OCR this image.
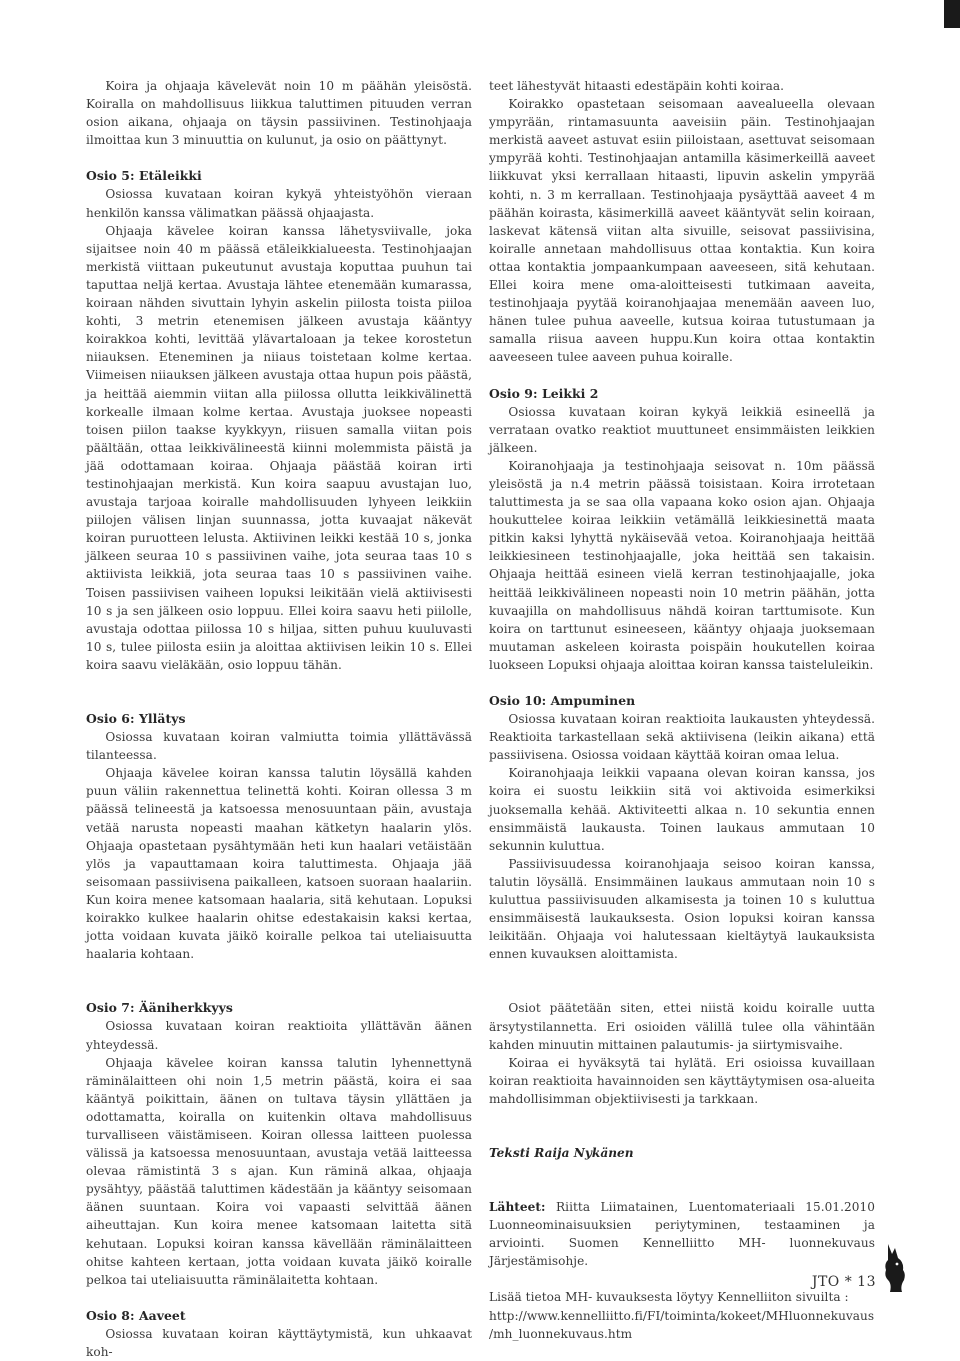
Koira ja ohjaaja kävelevät noin 10 m päähän yleisöstä. Koiralla on mahdollisuus liikkua taluttimen pituuden verran osion aikana, ohjaaja on täysin passiivinen. Testinohjaaja ilmoittaa kun 3 minuuttia on kulunut, ja osio on päättynyt.

Osio 5: Etäleikki

Osiossa kuvataan koiran kykyä yhteistyöhön vieraan henkilön kanssa välimatkan päässä ohjaajasta.

Ohjaaja kävelee koiran kanssa lähetysviivalle, joka sijaitsee noin 40 m päässä etäleikkialueesta. Testinohjaajan merkistä viittaan pukeutunut avustaja koputtaa puuhun tai taputtaa neljä kertaa. Avustaja lähtee etenemään kumarassa, koiraan nähden sivuttain lyhyin askelin piilosta toista piiloa kohti, 3 metrin etenemisen jälkeen avustaja kääntyy koirakkoa kohti, levittää ylävartaloaan ja tekee korostetun niiauksen. Eteneminen ja niiaus toistetaan kolme kertaa. Viimeisen niiauksen jälkeen avustaja ottaa hupun pois päästä, ja heittää aiemmin viitan alla piilossa ollutta leikkivälinettä korkealle ilmaan kolme kertaa. Avustaja juoksee nopeasti toisen piilon taakse kyykkyyn, riisuen samalla viitan pois päältään, ottaa leikkivälineestä kiinni molemmista päistä ja jää odottamaan koiraa. Ohjaaja päästää koiran irti testinohjaajan merkistä. Kun koira saapuu avustajan luo, avustaja tarjoaa koiralle mahdollisuuden lyhyeen leikkiin piilojen välisen linjan suunnassa, jotta kuvaajat näkevät koiran puruotteen lelusta. Aktiivinen leikki kestää 10 s, jonka jälkeen seuraa 10 s passiivinen vaihe, jota seuraa taas 10 s aktiivista leikkiä, jota seuraa taas 10 s passiivinen vaihe. Toisen passiivisen vaiheen lopuksi leikitään vielä aktiivisesti 10 s ja sen jälkeen osio loppuu. Ellei koira saavu heti piilolle, avustaja odottaa piilossa 10 s hiljaa, sitten puhuu kuuluvasti 10 s, tulee piilosta esiin ja aloittaa aktiivisen leikin 10 s. Ellei koira saavu vieläkään, osio loppuu tähän.

Osio 6: Yllätys

Osiossa kuvataan koiran valmiutta toimia yllättävässä tilanteessa.

Ohjaaja kävelee koiran kanssa talutin löysällä kahden puun väliin rakennettua telinettä kohti. Koiran ollessa 3 m päässä telineestä ja katsoessa menosuuntaan päin, avustaja vetää narusta nopeasti maahan kätketyn haalarin ylös. Ohjaaja opastetaan pysähtymään heti kun haalari vetäistään ylös ja vapauttamaan koira taluttimesta. Ohjaaja jää seisomaan passiivisena paikalleen, katsoen suoraan haalariin. Kun koira menee katsomaan haalaria, sitä kehutaan. Lopuksi koirakko kulkee haalarin ohitse edestakaisin kaksi kertaa, jotta voidaan kuvata jäikö koiralle pelkoa tai uteliaisuutta haalaria kohtaan.

Osio 7: Ääniherkkyys

Osiossa kuvataan koiran reaktioita yllättävän äänen yhteydessä.

Ohjaaja kävelee koiran kanssa talutin lyhennettynä räminälaitteen ohi noin 1,5 metrin päästä, koira ei saa kääntyä poikittain, äänen on tultava täysin yllättäen ja odottamatta, koiralla on kuitenkin oltava mahdollisuus turvalliseen väistämiseen. Koiran ollessa laitteen puolessa välissä ja katsoessa menosuuntaan, avustaja vetää laitteessa olevaa rämistintä 3 s ajan. Kun räminä alkaa, ohjaaja pysähtyy, päästää taluttimen kädestään ja kääntyy seisomaan äänen suuntaan. Koira voi vapaasti selvittää äänen aiheuttajan. Kun koira menee katsomaan laitetta sitä kehutaan. Lopuksi koiran kanssa kävellään räminälaitteen ohitse kahteen kertaan, jotta voidaan kuvata jäikö koiralle pelkoa tai uteliaisuutta räminälaitetta kohtaan.

Osio 8: Aaveet

Osiossa kuvataan koiran käyttäytymistä, kun uhkaavat koh-

teet lähestyvät hitaasti edestäpäin kohti koiraa.

Koirakko opastetaan seisomaan aavealueella olevaan ympyrään, rintamasuunta aaveisiin päin. Testinohjaajan merkistä aaveet astuvat esiin piiloistaan, asettuvat seisomaan ympyrää kohti. Testinohjaajan antamilla käsimerkeillä aaveet liikkuvat yksi kerrallaan hitaasti, lipuvin askelin ympyrää kohti, n. 3 m kerrallaan. Testinohjaaja pysäyttää aaveet 4 m päähän koirasta, käsimerkillä aaveet kääntyvät selin koiraan, laskevat kätensä viitan alta sivuille, seisovat passiivisina, koiralle annetaan mahdollisuus ottaa kontaktia. Kun koira ottaa kontaktia jompaankumpaan aaveeseen, sitä kehutaan. Ellei koira mene oma-aloitteisesti tutkimaan aaveita, testinohjaaja pyytää koiranohjaajaa menemään aaveen luo, hänen tulee puhua aaveelle, kutsua koiraa tutustumaan ja samalla riisua aaveen huppu.Kun koira ottaa kontaktin aaveeseen tulee aaveen puhua koiralle.

Osio 9: Leikki 2

Osiossa kuvataan koiran kykyä leikkiä esineellä ja verrataan ovatko reaktiot muuttuneet ensimmäisten leikkien jälkeen.

Koiranohjaaja ja testinohjaaja seisovat n. 10m päässä yleisöstä ja n.4 metrin päässä toisistaan. Koira irrotetaan taluttimesta ja se saa olla vapaana koko osion ajan. Ohjaaja houkuttelee koiraa leikkiin vetämällä leikkiesinettä maata pitkin kaksi lyhyttä nykäisevää vetoa. Koiranohjaaja heittää leikkiesineen testinohjaajalle, joka heittää sen takaisin. Ohjaaja heittää esineen vielä kerran testinohjaajalle, joka heittää leikkivälineen nopeasti noin 10 metrin päähän, jotta kuvaajilla on mahdollisuus nähdä koiran tarttumisote. Kun koira on tarttunut esineeseen, kääntyy ohjaaja juoksemaan muutaman askeleen koirasta poispäin houkutellen koiraa luokseen Lopuksi ohjaaja aloittaa koiran kanssa taisteluleikin.

Osio 10: Ampuminen

Osiossa kuvataan koiran reaktioita laukausten yhteydessä. Reaktioita tarkastellaan sekä aktiivisena (leikin aikana) että passiivisena. Osiossa voidaan käyttää koiran omaa lelua.

Koiranohjaaja leikkii vapaana olevan koiran kanssa, jos koira ei suostu leikkiin sitä voi aktivoida esimerkiksi juoksemalla kehää. Aktiviteetti alkaa n. 10 sekuntia ennen ensimmäistä laukausta. Toinen laukaus ammutaan 10 sekunnin kuluttua.

Passiivisuudessa koiranohjaaja seisoo koiran kanssa, talutin löysällä. Ensimmäinen laukaus ammutaan noin 10 s kuluttua passiivisuuden alkamisesta ja toinen 10 s kuluttua ensimmäisestä laukauksesta. Osion lopuksi koiran kanssa leikitään. Ohjaaja voi halutessaan kieltäytyä laukauksista ennen kuvauksen aloittamista.

Osiot päätetään siten, ettei niistä koidu koiralle uutta ärsytystilannetta. Eri osioiden välillä tulee olla vähintään kahden minuutin mittainen palautumis- ja siirtymisvaihe.

Koiraa ei hyväksytä tai hylätä. Eri osioissa kuvaillaan koiran reaktioita havainnoiden sen käyttäytymisen osa-alueita mahdollisimman objektiivisesti ja tarkkaan.

Teksti Raija Nykänen

Lähteet: Riitta Liimatainen, Luentomateriaali 15.01.2010 Luonneominaisuuksien periytyminen, testaaminen ja arviointi. Suomen Kennelliitto MH- luonnekuvaus Järjestämisohje.

Lisää tietoa MH- kuvauksesta löytyy Kennelliiton sivuilta : http://www.kennelliitto.fi/FI/toiminta/kokeet/MHluonnekuvaus/mh_luonnekuvaus.htm

JTO * 13
